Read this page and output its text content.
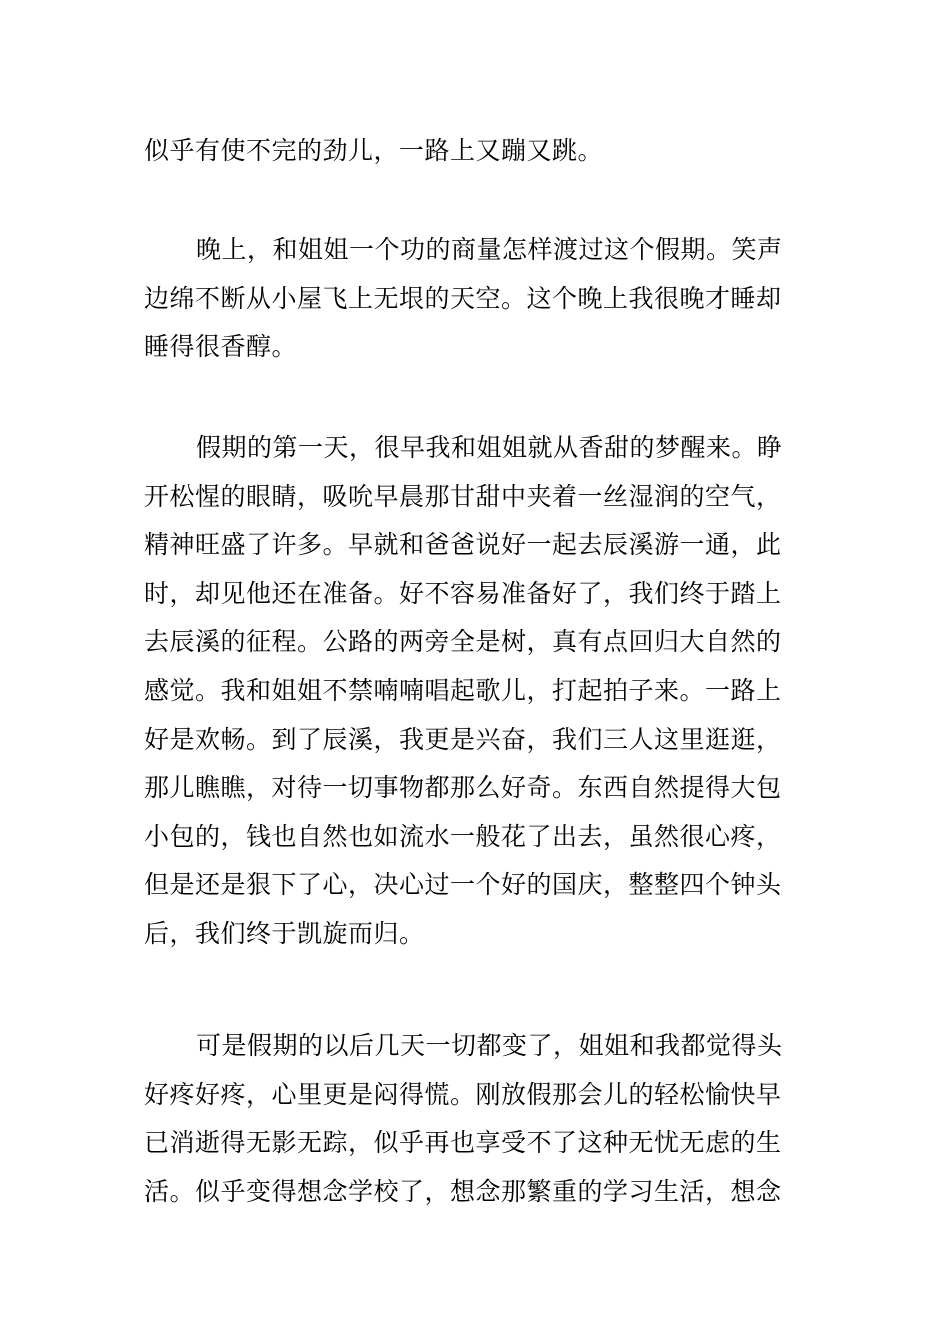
似乎有使不完的劲儿，一路上又蹦又跳。
晚上，和姐姐一个功的商量怎样渡过这个假期。笑声
边绵不断从小屋飞上无垠的天空。这个晚上我很晚才睡却
睡得很香醇。
假期的第一天，很早我和姐姐就从香甜的梦醒来。睁
开松惺的眼睛，吸吮早晨那甘甜中夹着一丝湿润的空气，
精神旺盛了许多。早就和爸爸说好一起去辰溪游一通，此
时，却见他还在准备。好不容易准备好了，我们终于踏上
去辰溪的征程。公路的两旁全是树，真有点回归大自然的
感觉。我和姐姐不禁喃喃唱起歌儿，打起拍子来。一路上
好是欢畅。到了辰溪，我更是兴奋，我们三人这里逛逛，
那儿瞧瞧，对待一切事物都那么好奇。东西自然提得大包
小包的，钱也自然也如流水一般花了出去，虽然很心疼，
但是还是狠下了心，决心过一个好的国庆，整整四个钟头
后，我们终于凯旋而归。
可是假期的以后几天一切都变了，姐姐和我都觉得头
好疼好疼，心里更是闷得慌。刚放假那会儿的轻松愉快早
已消逝得无影无踪，似乎再也享受不了这种无忧无虑的生
活。似乎变得想念学校了，想念那繁重的学习生活，想念
